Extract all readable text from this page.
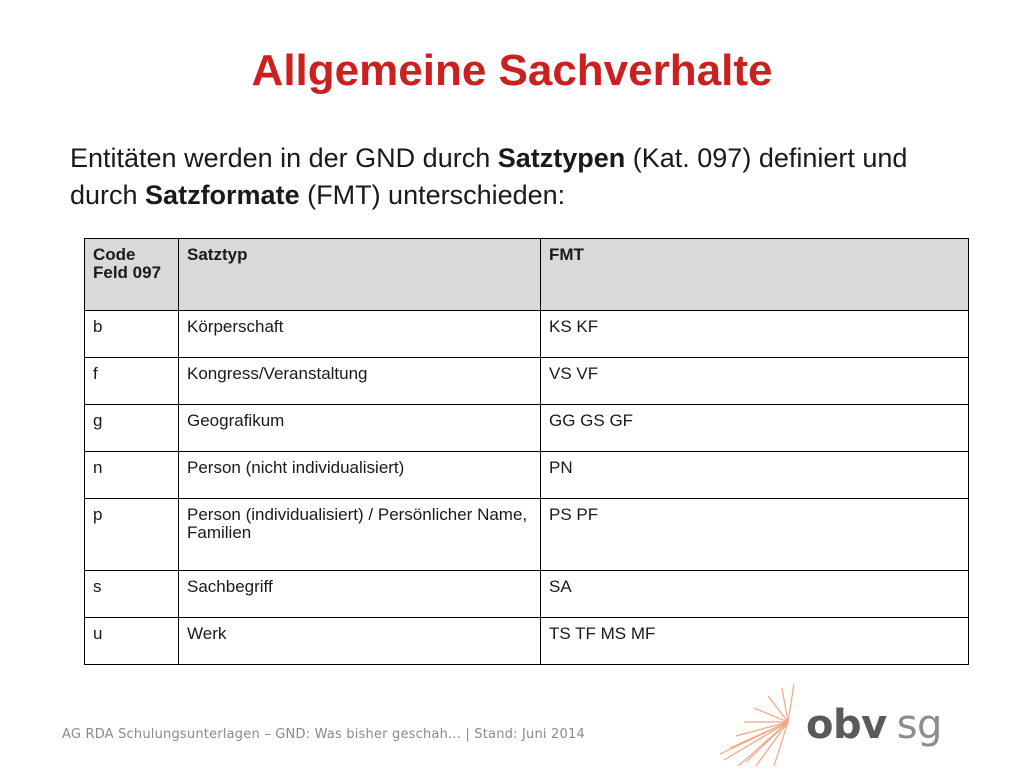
Allgemeine Sachverhalte
Entitäten werden in der GND durch Satztypen (Kat. 097) definiert und durch Satzformate (FMT) unterschieden:
Code
Feld 097	Satztyp	FMT
b	Körperschaft	KS KF
f	Kongress/Veranstaltung	VS VF
g	Geografikum	GG GS GF
n	Person (nicht individualisiert)	PN
p	Person (individualisiert) / Persönlicher Name, Familien	PS PF
s	Sachbegriff	SA
u	Werk	TS TF MS MF
AG RDA Schulungsunterlagen – GND: Was bisher geschah... | Stand: Juni 2014	obv sg
